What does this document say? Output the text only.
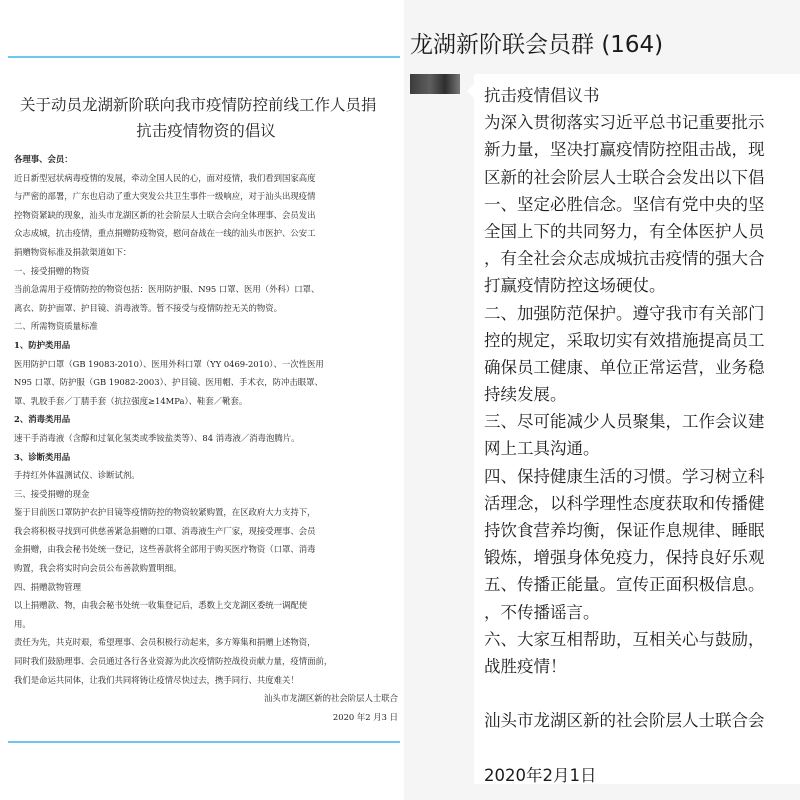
关于动员龙湖新阶联向我市疫情防控前线工作人员捐
抗击疫情物资的倡议
各理事、会员：
近日新型冠状病毒疫情的发展，牵动全国人民的心，面对疫情，我们看到国家高度
与严密的部署，广东也启动了重大突发公共卫生事件一级响应，对于汕头出现疫情
控物资紧缺的现象，汕头市龙湖区新的社会阶层人士联合会向全体理事、会员发出
众志成城，抗击疫情，重点捐赠防疫物资，慰问奋战在一线的汕头市医护、公安工
捐赠物资标准及捐款渠道如下：
一、接受捐赠的物资
当前急需用于疫情防控的物资包括：医用防护服、N95 口罩、医用（外科）口罩、
离衣、防护面罩、护目镜、消毒液等。暂不接受与疫情防控无关的物资。
二、所需物资质量标准
1、防护类用品
医用防护口罩（GB 19083-2010）、医用外科口罩（YY 0469-2010）、一次性医用
N95 口罩、防护服（GB 19082-2003）、护目镜、医用帽、手术衣，防冲击眼罩、
罩、乳胶手套／丁腈手套（抗拉强度≥14MPa）、鞋套／靴套。
2、消毒类用品
速干手消毒液（含醇和过氧化氢类或季铵盐类等）、84 消毒液／消毒泡腾片。
3、诊断类用品
手持红外体温测试仪、诊断试剂。
三、接受捐赠的现金
鉴于目前医口罩防护衣护目镜等疫情防控的物资较紧购置，在区政府大力支持下，
我会将积极寻找到可供慈善紧急捐赠的口罩、消毒液生产厂家，现接受理事、会员
金捐赠，由我会秘书处统一登记，这些善款将全部用于购买医疗物资（口罩、消毒
购置，我会将实时向会员公布善款购置明细。
四、捐赠款物管理
以上捐赠款、物，由我会秘书处统一收集登记后，悉数上交龙湖区委统一调配使
用。
责任为先，共克时艰，希望理事、会员积极行动起来，多方筹集和捐赠上述物资，
同时我们鼓励理事、会员通过各行各业资源为此次疫情防控战役贡献力量，疫情面前，
我们是命运共同体，让我们共同将铸让疫情尽快过去，携手同行、共度难关！
汕头市龙湖区新的社会阶层人士联合
2020 年2 月3 日
龙湖新阶联会员群 (164)
抗击疫情倡议书
为深入贯彻落实习近平总书记重要批示
新力量，坚决打赢疫情防控阻击战，现
区新的社会阶层人士联合会发出以下倡
一、坚定必胜信念。坚信有党中央的坚
全国上下的共同努力，有全体医护人员
，有全社会众志成城抗击疫情的强大合
打赢疫情防控这场硬仗。
二、加强防范保护。遵守我市有关部门
控的规定，采取切实有效措施提高员工
确保员工健康、单位正常运营，业务稳
持续发展。
三、尽可能减少人员聚集，工作会议建
网上工具沟通。
四、保持健康生活的习惯。学习树立科
活理念，以科学理性态度获取和传播健
持饮食营养均衡，保证作息规律、睡眠
锻炼，增强身体免疫力，保持良好乐观
五、传播正能量。宣传正面积极信息。
，不传播谣言。
六、大家互相帮助，互相关心与鼓励，
战胜疫情！
汕头市龙湖区新的社会阶层人士联合会
2020年2月1日
